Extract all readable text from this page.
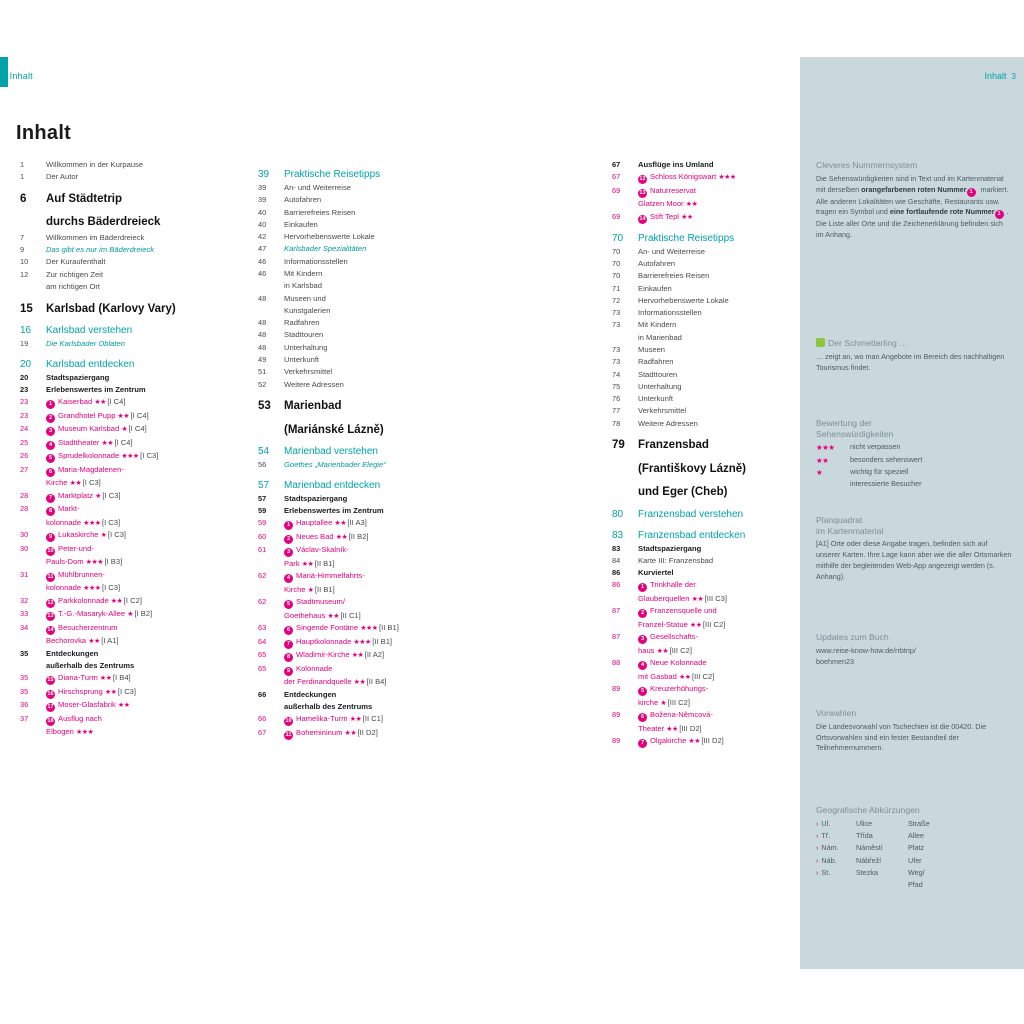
2 Inhalt	Inhalt 3
Inhalt
1	Willkommen in der Kurpause
1	Der Autor
6	Auf Städtetrip
durchs Bäderdreieck
7	Willkommen im Bäderdreieck
9	Das gibt es nur im Bäderdreieck
10	Der Kuraufenthalt
12	Zur richtigen Zeit
am richtigen Ort
15	Karlsbad (Karlovy Vary)
16	Karlsbad verstehen
19	Die Karlsbader Oblaten
20	Karlsbad entdecken
20	Stadtspaziergang
23	Erlebenswertes im Zentrum
23	1 Kaiserbad ★★ [I C4]
23	2 Grandhotel Pupp ★★ [I C4]
24	3 Museum Karlsbad ★ [I C4]
25	4 Stadttheater ★★ [I C4]
26	5 Sprudelkolonnade ★★★ [I C3]
27	6 Maria-Magdalenen-
Kirche ★★ [I C3]
28	7 Marktplatz ★ [I C3]
28	8 Markt-
kolonnade ★★★ [I C3]
30	9 Lukaskirche ★ [I C3]
30	10 Peter-und-
Pauls-Dom ★★★ [I B3]
31	11 Mühlbrunnen-
kolonnade ★★★ [I C3]
32	12 Parkkolonnade ★★ [I C2]
33	13 T.-G.-Masaryk-Allee ★ [I B2]
34	14 Besucherzentrum
Bechorovka ★★ [I A1]
35	Entdeckungen
außerhalb des Zentrums
35	15 Diana-Turm ★★ [I B4]
35	16 Hirschsprung ★★ [I C3]
36	17 Moser-Glasfabrik ★★
37	18 Ausflug nach
Elbogen ★★★
39	Praktische Reisetipps
39	An- und Weiterreise
39	Autofahren
40	Barrierefreies Reisen
40	Einkaufen
42	Hervorhebenswerte Lokale
47	Karlsbader Spezialitäten
46	Informationsstellen
46	Mit Kindern
in Karlsbad
48	Museen und
Kunstgalerien
48	Radfahren
48	Stadttouren
48	Unterhaltung
49	Unterkunft
51	Verkehrsmittel
52	Weitere Adressen
53	Marienbad
(Mariánské Lázně)
54	Marienbad verstehen
56	Goethes „Marienbader Elegie“
57	Marienbad entdecken
57	Stadtspaziergang
59	Erlebenswertes im Zentrum
59	1 Hauptallee ★★ [II A3]
60	2 Neues Bad ★★ [II B2]
61	3 Václav-Skalník-
Park ★★ [II B1]
62	4 Mariä-Himmelfahrts-
Kirche ★ [II B1]
62	5 Stadtmuseum/
Goethehaus ★★ [II C1]
63	6 Singende Fontäne ★★★ [II B1]
64	7 Hauptkolonnade ★★★ [II B1]
65	8 Wladimir-Kirche ★★ [II A2]
65	9 Kolonnade
der Ferdinandquelle ★★ [II B4]
66	Entdeckungen
außerhalb des Zentrums
66	10 Hamelika-Turm ★★ [II C1]
67	11 Bohemininum ★★ [II D2]
67	Ausflüge ins Umland
67	12 Schloss Königswart ★★★
69	13 Naturreservat
Glatzen Moor ★★
69	14 Stift Tepl ★★
70	Praktische Reisetipps
70	An- und Weiterreise
70	Autofahren
70	Barrierefreies Reisen
71	Einkaufen
72	Hervorhebenswerte Lokale
73	Informationsstellen
73	Mit Kindern
in Marienbad
73	Museen
73	Radfahren
74	Stadttouren
75	Unterhaltung
76	Unterkunft
77	Verkehrsmittel
78	Weitere Adressen
79	Franzensbad
(Františkovy Lázně)
und Eger (Cheb)
80	Franzensbad verstehen
83	Franzensbad entdecken
83	Stadtspaziergang
84	Karte III: Franzensbad
86	Kurviertel
86	1 Trinkhalle der
Glauberquellen ★★ [III C3]
87	2 Franzensquelle und
Franzel-Statue ★★ [III C2]
87	3 Gesellschafts-
haus ★★ [III C2]
88	4 Neue Kolonnade
mit Gasbad ★★ [III C2]
89	5 Kreuzerhöhungs-
kirche ★ [III C2]
89	6 Božena-Němcová-
Theater ★★ [III D2]
89	7 Olgakirche ★★ [III D2]
Cleveres Nummernsystem

Die Sehenswürdigkeiten sind in Text und im Kartenmaterial mit derselben orangefarbenen roten Nummer 1 markiert. Alle anderen Lokalitäten wie Geschäfte, Restaurants usw. tragen ein Symbol und eine fortlaufende rote Nummer 1 . Die Liste aller Orte und die Zeichenerklärung befinden sich im Anhang.

Der Schmetterling …

… zeigt an, wo man Angebote im Bereich des nachhaltigen Tourismus findet.

Bewertung der
Sehenswürdigkeiten
★★★	nicht verpassen
★★	besonders sehenswert
★	wichtig für speziell
interessierte Besucher
Planquadrat
im Kartenmaterial

[A1] Orte oder diese Angabe tragen, befinden sich auf unserer Karten. Ihre Lage kann aber wie die aller Ortsmarken mithilfe der begleitenden Web-App angezeigt werden (s. Anhang).

Updates zum Buch

www.reise-know-how.de/rrbtrip/
boehmen23

Vorwahlen

Die Landesvorwahl von Tschechien ist die 00420. Die Ortsvorwahlen sind ein fester Bestandteil der Teilnehmernummern.

Geografische Abkürzungen
› Ul.	Ulice	Straße
› Tř.	Třída	Allee
› Nám.	Náměstí	Platz
› Náb.	Nábřeží	Ufer
› St.	Stezka	Weg/
Pfad
